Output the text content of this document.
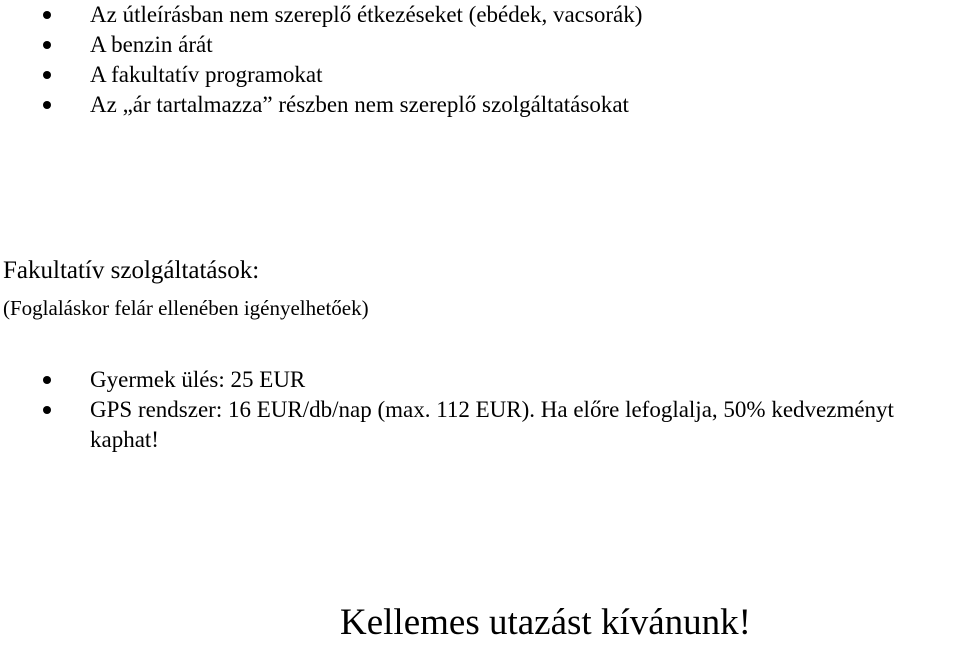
Az útleírásban nem szereplő étkezéseket (ebédek, vacsorák)
A benzin árát
A fakultatív programokat
Az „ár tartalmazza” részben nem szereplő szolgáltatásokat
Fakultatív szolgáltatások:
(Foglaláskor felár ellenében igényelhetőek)
Gyermek ülés: 25 EUR
GPS rendszer: 16 EUR/db/nap (max. 112 EUR). Ha előre lefoglalja, 50% kedvezményt kaphat!
Kellemes utazást kívánunk!
